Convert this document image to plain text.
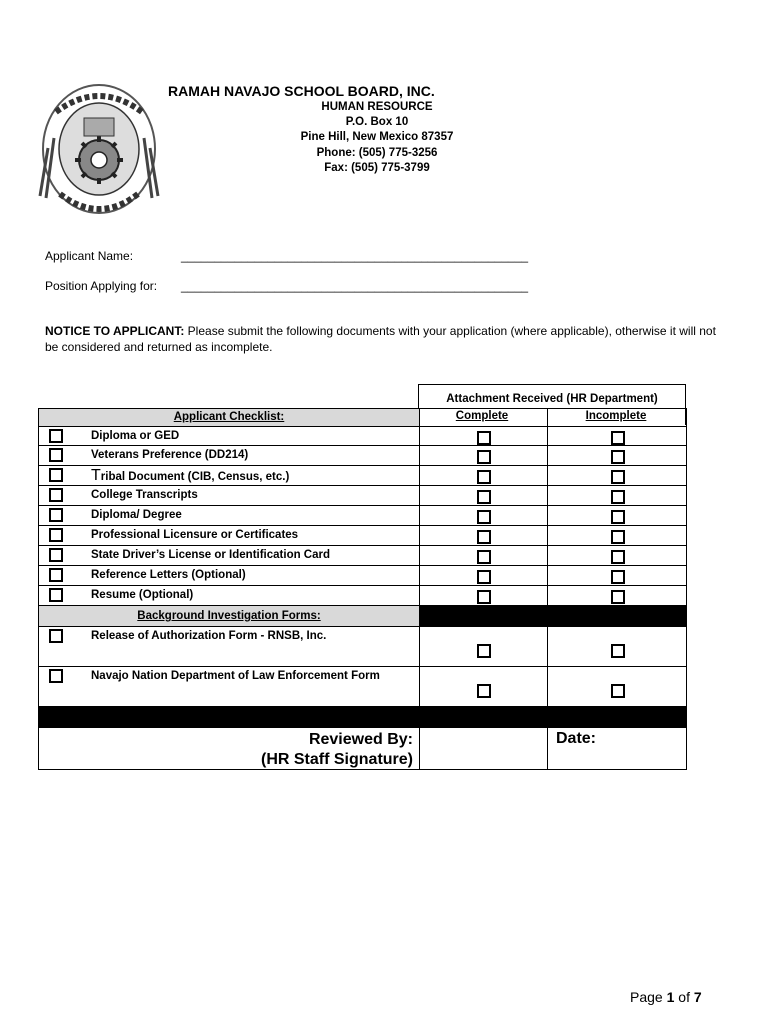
RAMAH NAVAJO SCHOOL BOARD, INC.
HUMAN RESOURCE
P.O. Box 10
Pine Hill, New Mexico 87357
Phone: (505) 775-3256
Fax: (505) 775-3799
Applicant Name:	____________________________________________________
Position Applying for: ____________________________________________________
NOTICE TO APPLICANT: Please submit the following documents with your application (where applicable), otherwise it will not be considered and returned as incomplete.
Attachment Received (HR Department)
Applicant Checklist:
Diploma or GED
Veterans Preference (DD214)
Tribal Document (CIB, Census, etc.)
College Transcripts
Diploma/ Degree
Professional Licensure or Certificates
State Driver’s License or Identification Card
Reference Letters (Optional)
Resume (Optional)
Background Investigation Forms:
Release of Authorization Form - RNSB, Inc.
Navajo Nation Department of Law Enforcement Form
Reviewed By:
(HR Staff Signature)
Date:
Complete	Incomplete
Page 1 of 7
